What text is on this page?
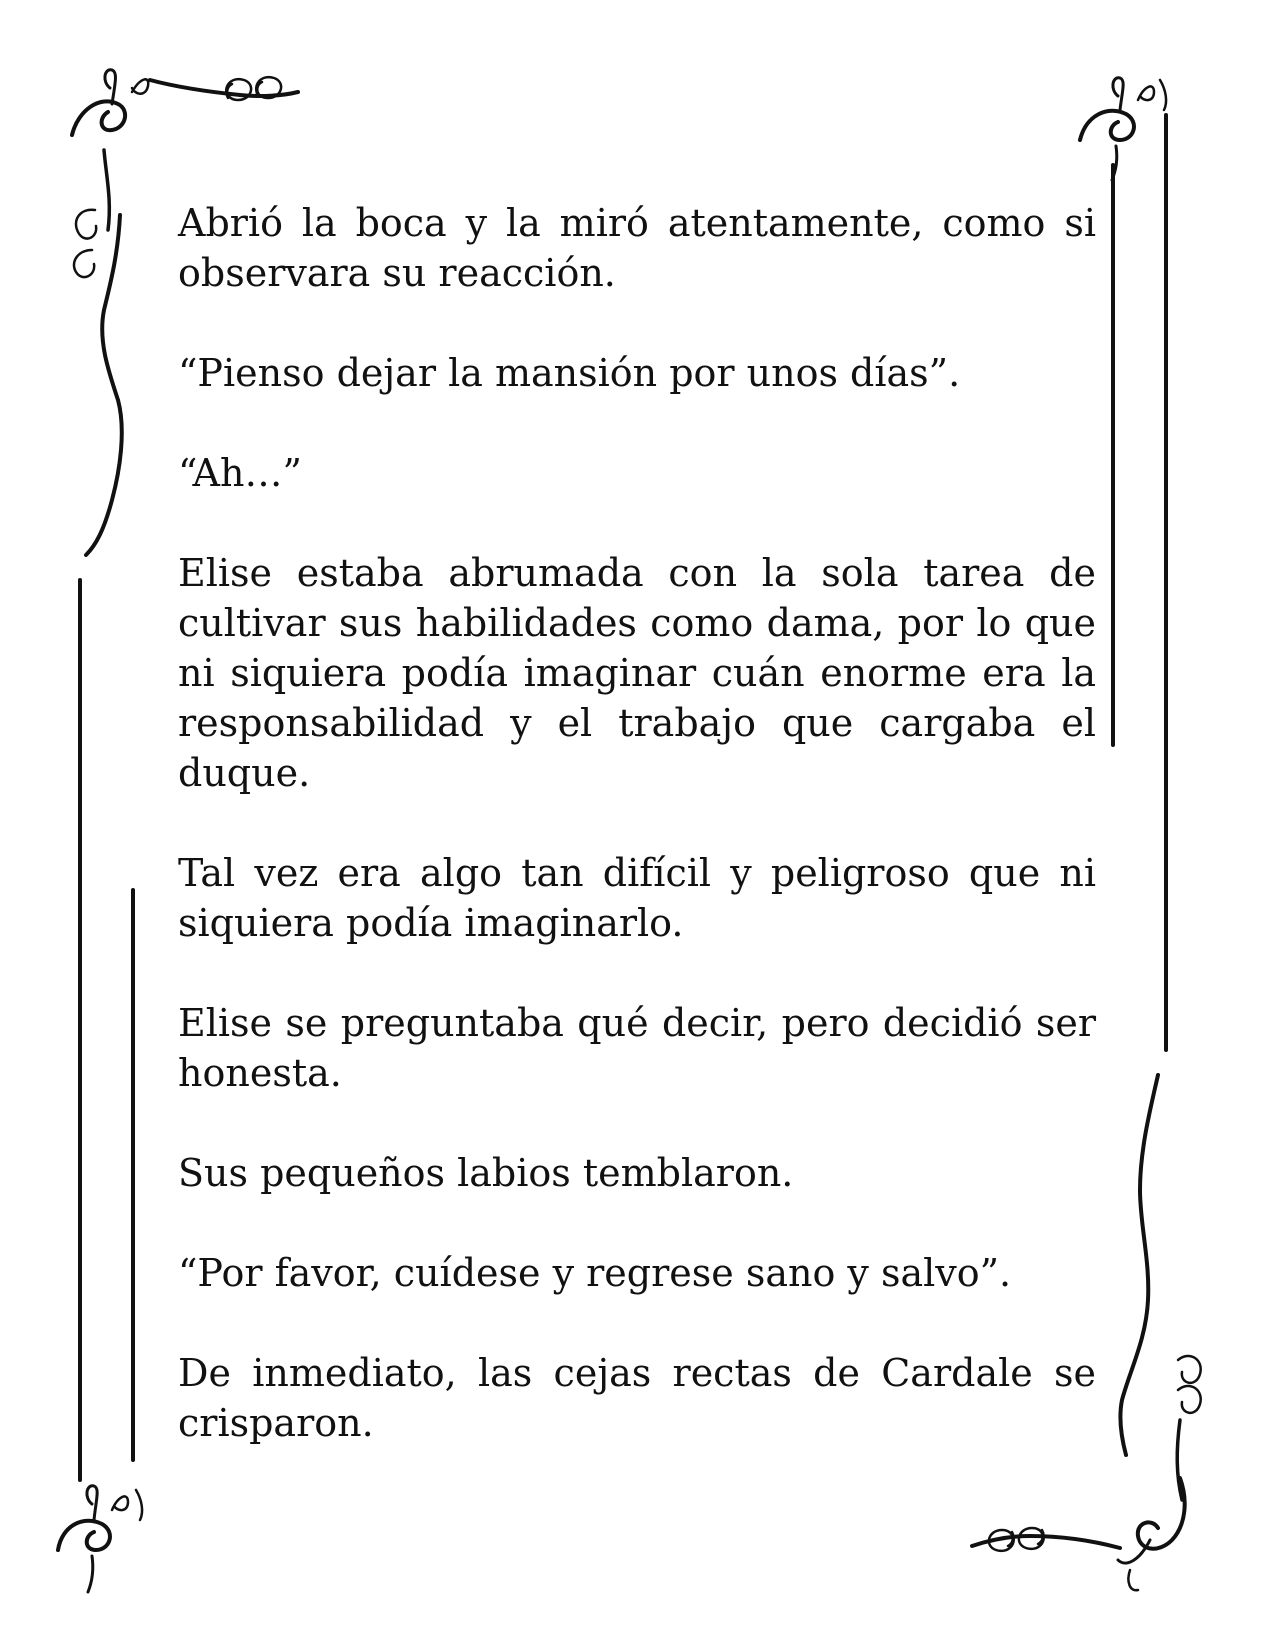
Abrió la boca y la miró atentamente, como si observara su reacción.

“Pienso dejar la mansión por unos días”.

“Ah…”

Elise estaba abrumada con la sola tarea de cultivar sus habilidades como dama, por lo que ni siquiera podía imaginar cuán enorme era la responsabilidad y el trabajo que cargaba el duque.

Tal vez era algo tan difícil y peligroso que ni siquiera podía imaginarlo.

Elise se preguntaba qué decir, pero decidió ser honesta.

Sus pequeños labios temblaron.

“Por favor, cuídese y regrese sano y salvo”.

De inmediato, las cejas rectas de Cardale se crisparon.
